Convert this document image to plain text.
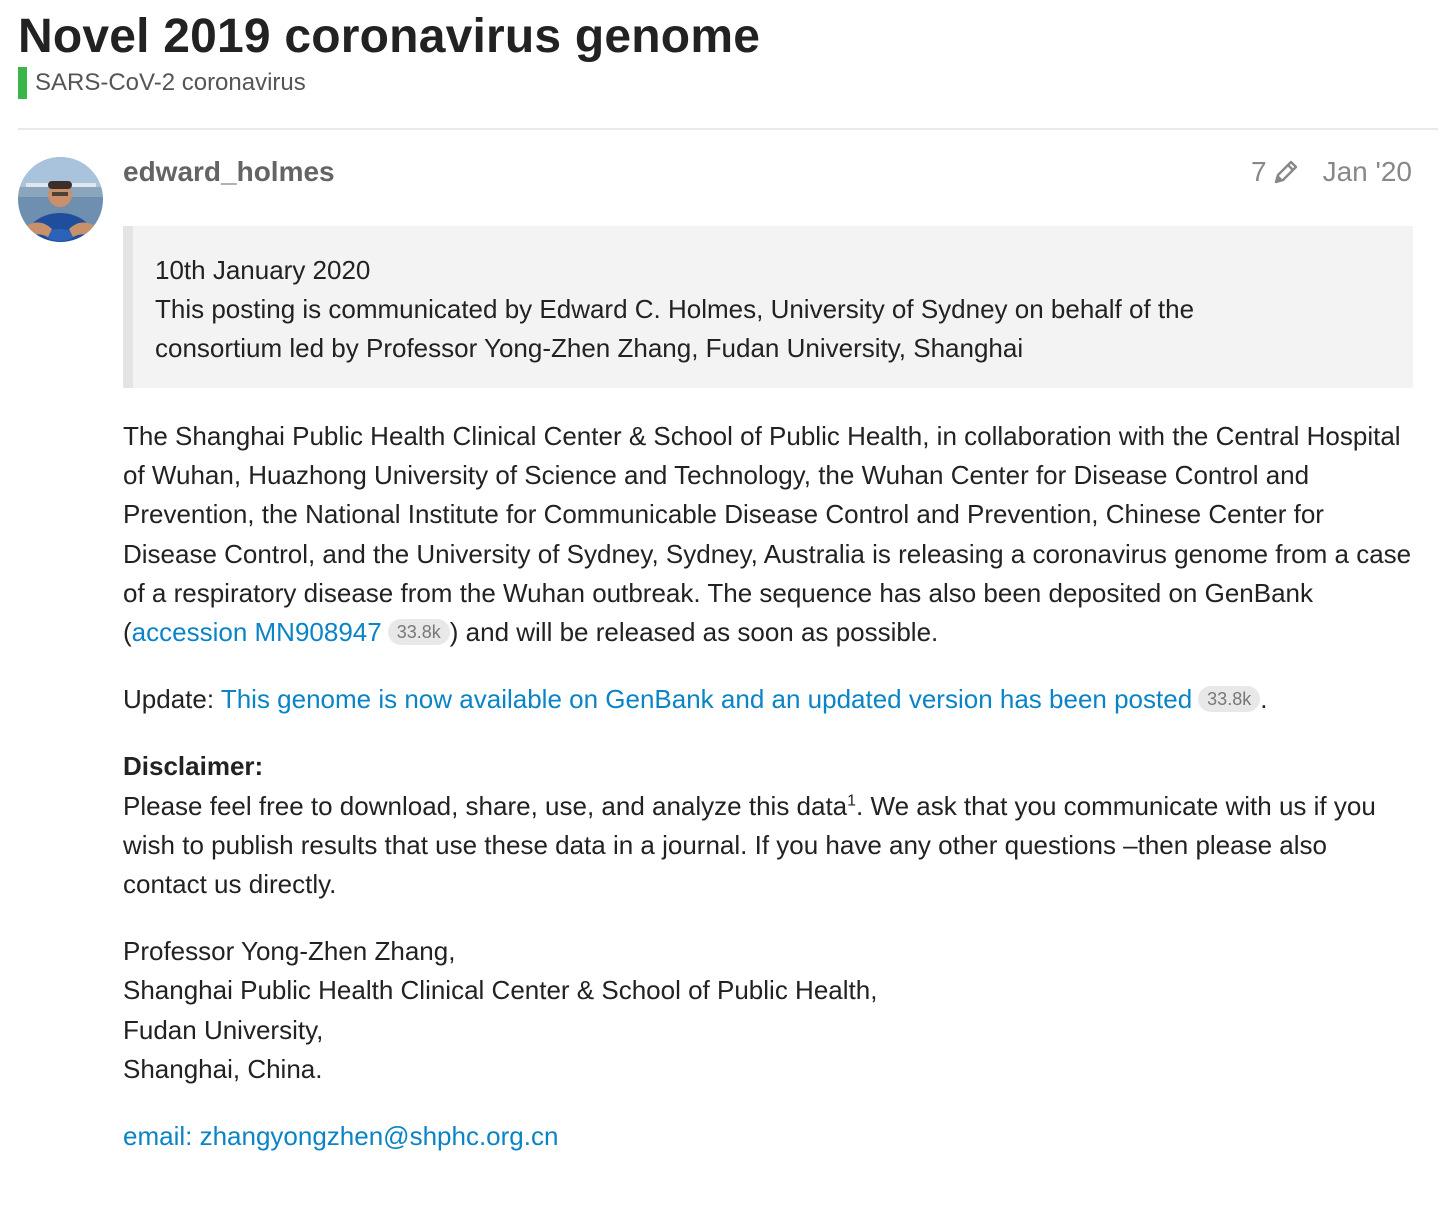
Novel 2019 coronavirus genome
SARS-CoV-2 coronavirus
edward_holmes	7 Jan '20

10th January 2020

This posting is communicated by Edward C. Holmes, University of Sydney on behalf of the

consortium led by Professor Yong-Zhen Zhang, Fudan University, Shanghai

The Shanghai Public Health Clinical Center & School of Public Health, in collaboration with the Central Hospital of Wuhan, Huazhong University of Science and Technology, the Wuhan Center for Disease Control and Prevention, the National Institute for Communicable Disease Control and Prevention, Chinese Center for Disease Control, and the University of Sydney, Sydney, Australia is releasing a coronavirus genome from a case of a respiratory disease from the Wuhan outbreak. The sequence has also been deposited on GenBank (accession MN908947 33.8k ) and will be released as soon as possible.

Update: This genome is now available on GenBank and an updated version has been posted 33.8k .

Disclaimer:
Please feel free to download, share, use, and analyze this data$^1$. We ask that you communicate with us if you wish to publish results that use these data in a journal. If you have any other questions –then please also contact us directly.

Professor Yong-Zhen Zhang,
Shanghai Public Health Clinical Center & School of Public Health,
Fudan University,
Shanghai, China.

email: zhangyongzhen@shphc.org.cn
